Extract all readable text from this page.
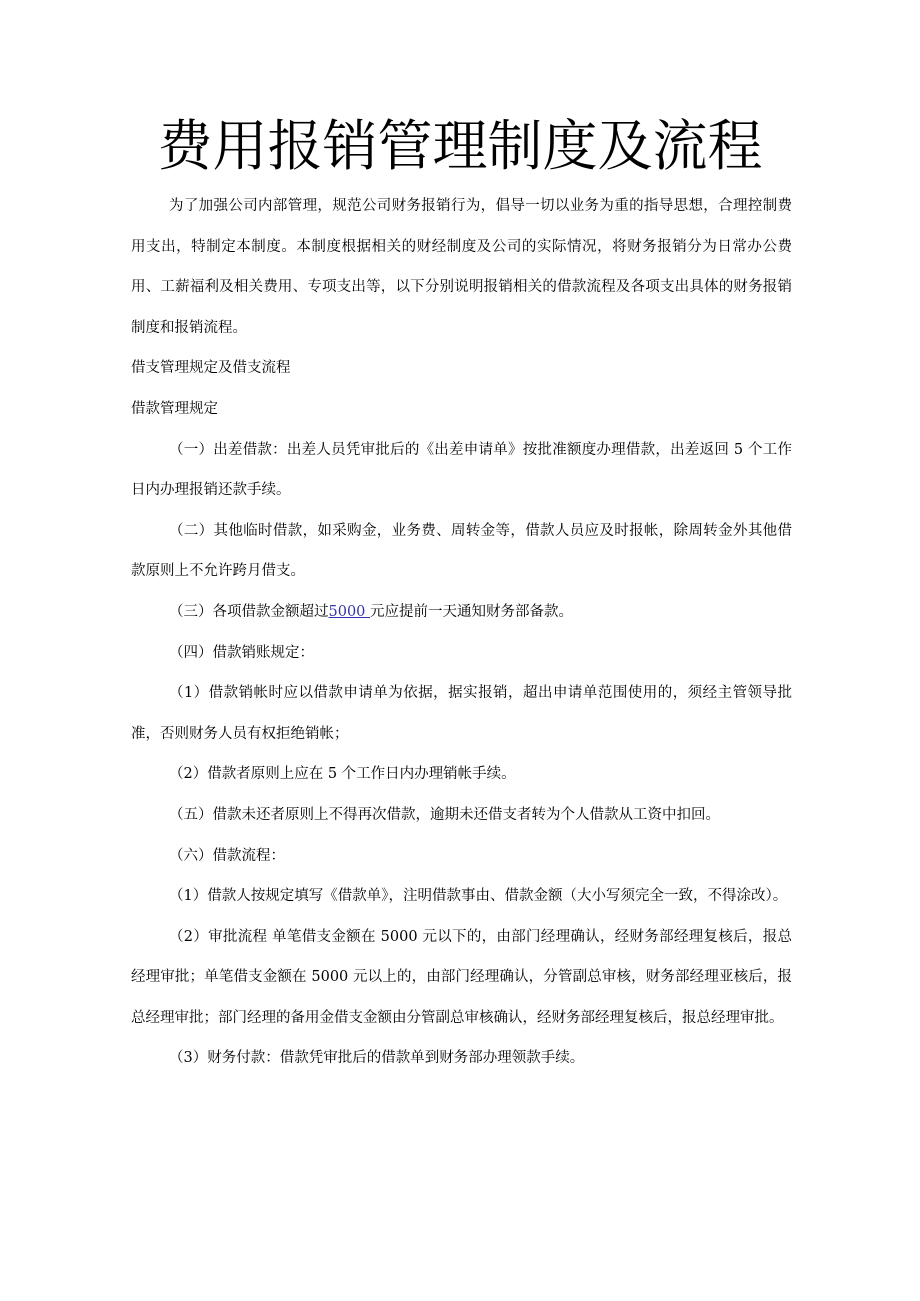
费用报销管理制度及流程

为了加强公司内部管理，规范公司财务报销行为，倡导一切以业务为重的指导思想，合理控制费用支出，特制定本制度。本制度根据相关的财经制度及公司的实际情况，将财务报销分为日常办公费用、工薪福利及相关费用、专项支出等，以下分别说明报销相关的借款流程及各项支出具体的财务报销制度和报销流程。

借支管理规定及借支流程

借款管理规定

（一）出差借款：出差人员凭审批后的《出差申请单》按批准额度办理借款，出差返回 5 个工作日内办理报销还款手续。

（二）其他临时借款，如采购金，业务费、周转金等，借款人员应及时报帐，除周转金外其他借款原则上不允许跨月借支。

（三）各项借款金额超过5000 元应提前一天通知财务部备款。

（四）借款销账规定：

（1）借款销帐时应以借款申请单为依据，据实报销，超出申请单范围使用的，须经主管领导批准，否则财务人员有权拒绝销帐；

（2）借款者原则上应在 5 个工作日内办理销帐手续。

（五）借款未还者原则上不得再次借款，逾期未还借支者转为个人借款从工资中扣回。

（六）借款流程：

（1）借款人按规定填写《借款单》，注明借款事由、借款金额（大小写须完全一致，不得涂改）。

（2）审批流程 单笔借支金额在 5000 元以下的，由部门经理确认，经财务部经理复核后，报总经理审批；单笔借支金额在 5000 元以上的，由部门经理确认，分管副总审核，财务部经理亚核后，报总经理审批；部门经理的备用金借支金额由分管副总审核确认，经财务部经理复核后，报总经理审批。

（3）财务付款：借款凭审批后的借款单到财务部办理领款手续。
